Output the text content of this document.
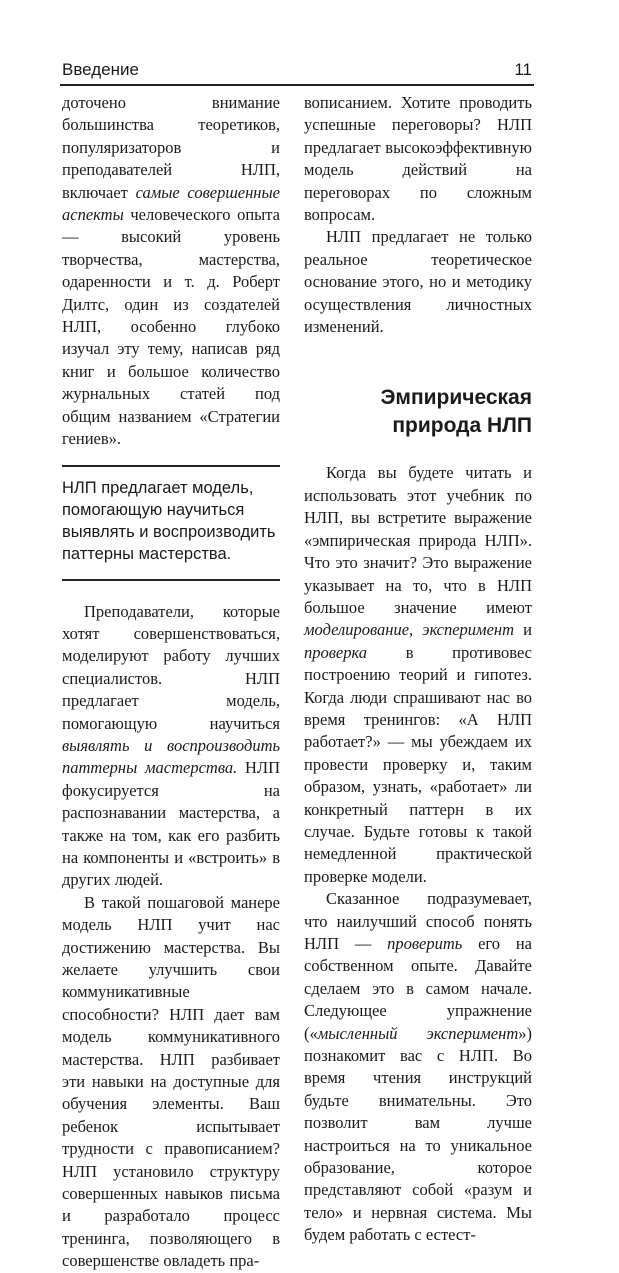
Введение	11

доточено внимание большинства теоретиков, популяризаторов и преподавателей НЛП, включает самые совершенные аспекты человеческого опыта — высокий уровень творчества, мастерства, одаренности и т. д. Роберт Дилтс, один из создателей НЛП, особенно глубоко изучал эту тему, написав ряд книг и большое количество журнальных статей под общим названием «Стратегии гениев».

НЛП предлагает модель, помогающую научиться выявлять и воспроизводить паттерны мастерства.

Преподаватели, которые хотят совершенствоваться, моделируют работу лучших специалистов. НЛП предлагает модель, помогающую научиться выявлять и воспроизводить паттерны мастерства. НЛП фокусируется на распознавании мастерства, а также на том, как его разбить на компоненты и «встроить» в других людей.

В такой пошаговой манере модель НЛП учит нас достижению мастерства. Вы желаете улучшить свои коммуникативные способности? НЛП дает вам модель коммуникативного мастерства. НЛП разбивает эти навыки на доступные для обучения элементы. Ваш ребенок испытывает трудности с правописанием? НЛП установило структуру совершенных навыков письма и разработало процесс тренинга, позволяющего в совершенстве овладеть пра-

вописанием. Хотите проводить успешные переговоры? НЛП предлагает высокоэффективную модель действий на переговорах по сложным вопросам.

НЛП предлагает не только реальное теоретическое основание этого, но и методику осуществления личностных изменений.

Эмпирическая природа НЛП

Когда вы будете читать и использовать этот учебник по НЛП, вы встретите выражение «эмпирическая природа НЛП». Что это значит? Это выражение указывает на то, что в НЛП большое значение имеют моделирование, эксперимент и проверка в противовес построению теорий и гипотез. Когда люди спрашивают нас во время тренингов: «А НЛП работает?» — мы убеждаем их провести проверку и, таким образом, узнать, «работает» ли конкретный паттерн в их случае. Будьте готовы к такой немедленной практической проверке модели.

Сказанное подразумевает, что наилучший способ понять НЛП — проверить его на собственном опыте. Давайте сделаем это в самом начале. Следующее упражнение («мысленный эксперимент») познакомит вас с НЛП. Во время чтения инструкций будьте внимательны. Это позволит вам лучше настроиться на то уникальное образование, которое представляют собой «разум и тело» и нервная система. Мы будем работать с естест-
